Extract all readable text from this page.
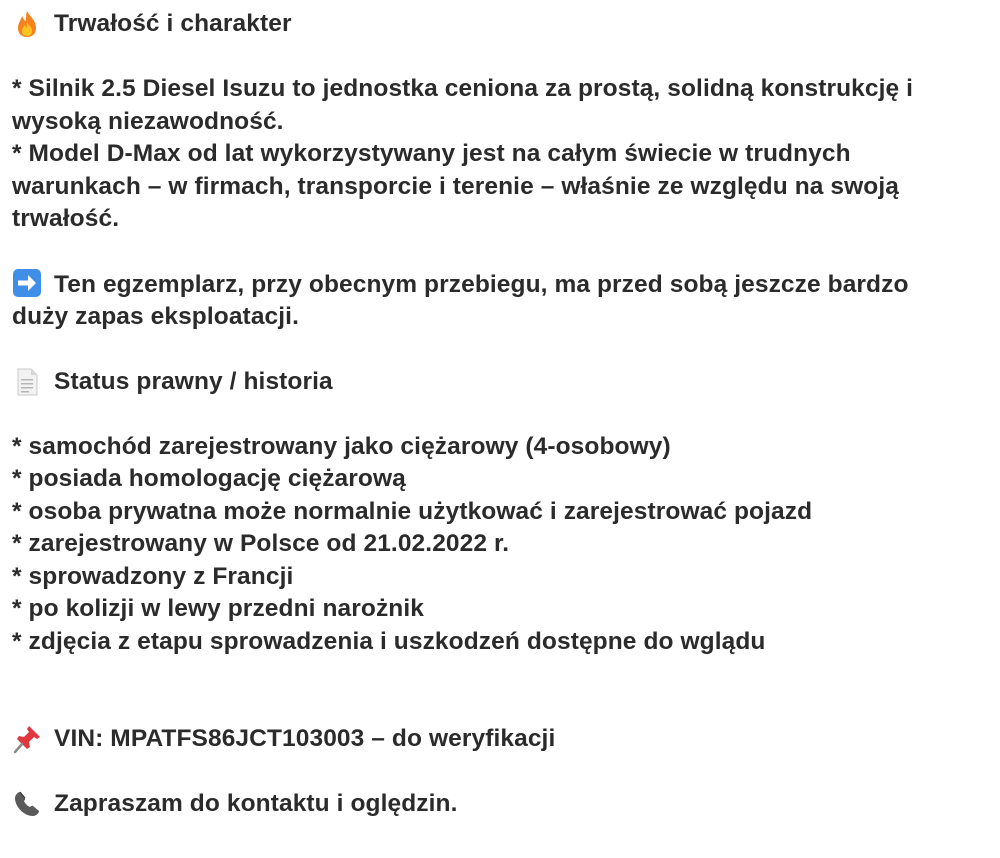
Trwałość i charakter
* Silnik 2.5 Diesel Isuzu to jednostka ceniona za prostą, solidną konstrukcję i
wysoką niezawodność.
* Model D-Max od lat wykorzystywany jest na całym świecie w trudnych
warunkach – w firmach, transporcie i terenie – właśnie ze względu na swoją
trwałość.
Ten egzemplarz, przy obecnym przebiegu, ma przed sobą jeszcze bardzo
duży zapas eksploatacji.
Status prawny / historia
* samochód zarejestrowany jako ciężarowy (4-osobowy)
* posiada homologację ciężarową
* osoba prywatna może normalnie użytkować i zarejestrować pojazd
* zarejestrowany w Polsce od 21.02.2022 r.
* sprowadzony z Francji
* po kolizji w lewy przedni narożnik
* zdjęcia z etapu sprowadzenia i uszkodzeń dostępne do wglądu
VIN: MPATFS86JCT103003 – do weryfikacji
Zapraszam do kontaktu i oględzin.
